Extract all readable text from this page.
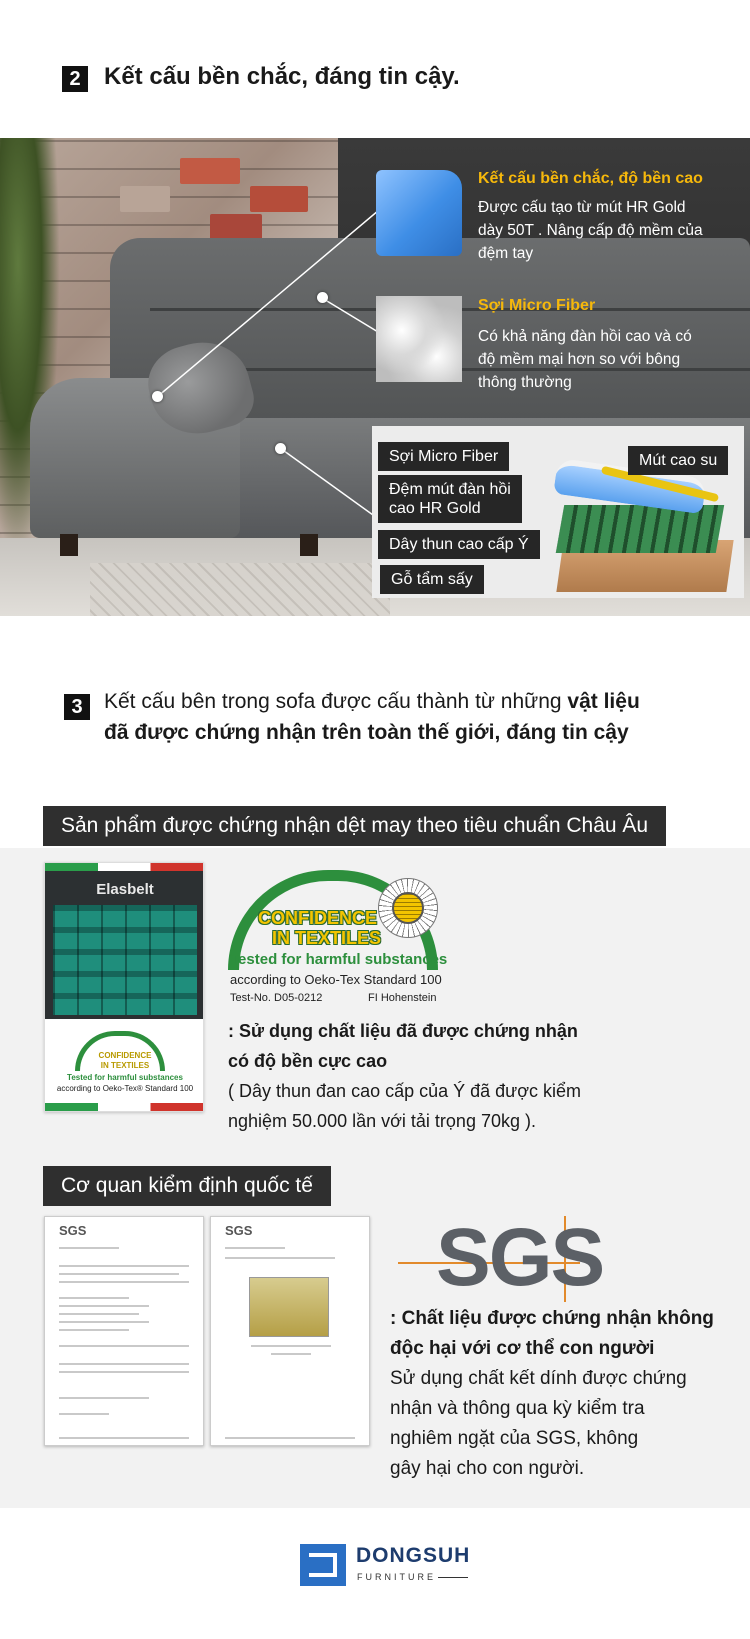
2 Kết cấu bền chắc, đáng tin cậy.
Kết cấu bền chắc, độ bền cao
Được cấu tạo từ mút HR Gold
dày 50T . Nâng cấp độ mềm của
đệm tay
Sợi Micro Fiber
Có khả năng đàn hồi cao và có
độ mềm mại hơn so với bông
thông thường
Sợi Micro Fiber	Mút cao su
Đệm mút đàn hồi
cao HR Gold
Dây thun cao cấp Ý
Gỗ tẩm sấy
3	Kết cấu bên trong sofa được cấu thành từ những vật liệu
đã được chứng nhận trên toàn thế giới, đáng tin cậy
Sản phẩm được chứng nhận dệt may theo tiêu chuẩn Châu Âu
Elasbelt
CONFIDENCE
IN TEXTILES
Tested for harmful substances
according to Oeko-Tex® Standard 100
CONFIDENCE
IN TEXTILES
Tested for harmful substances
according to Oeko-Tex Standard 100
Test-No. D05-0212	FI Hohenstein
: Sử dụng chất liệu đã được chứng nhận
có độ bền cực cao
( Dây thun đan cao cấp của Ý đã được kiểm
nghiệm 50.000 lần với tải trọng 70kg ).
Cơ quan kiểm định quốc tế
SGS	SGS SGS
: Chất liệu được chứng nhận không
độc hại với cơ thể con người
Sử dụng chất kết dính được chứng
nhận và thông qua kỳ kiểm tra
nghiêm ngặt của SGS, không
gây hại cho con người.
DONGSUH
FURNITURE
